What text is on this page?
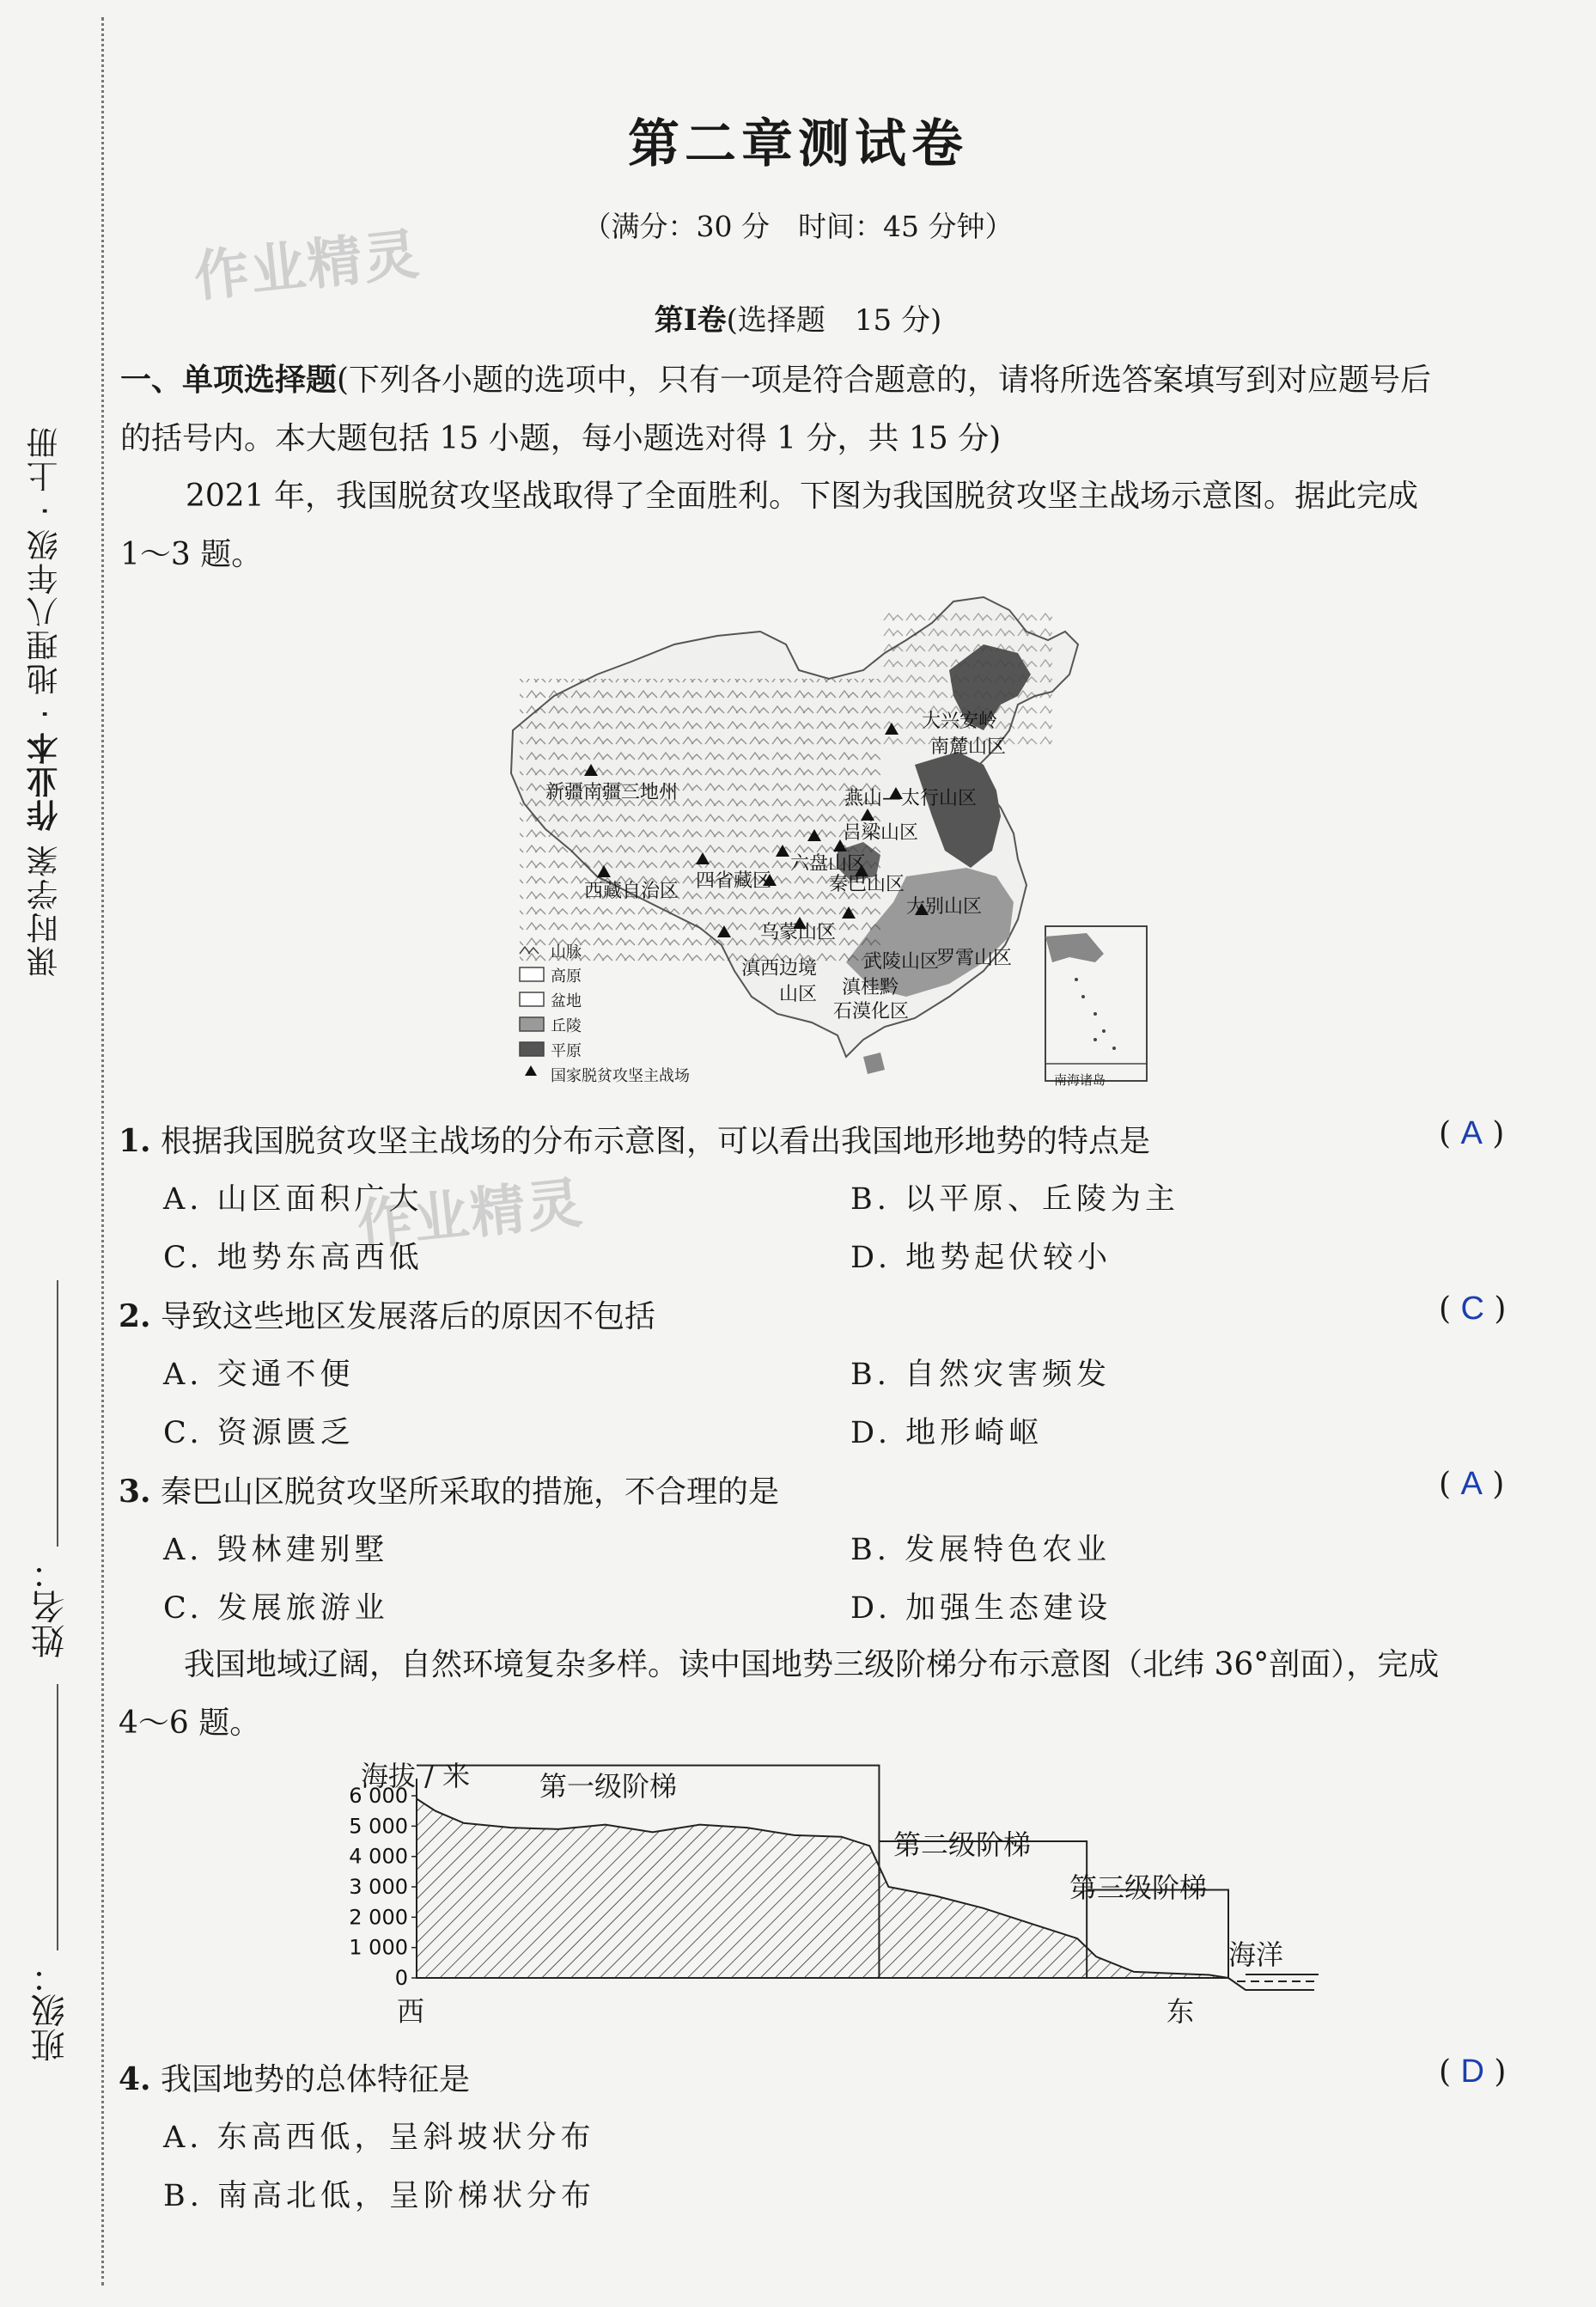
课时学案 作业本 · 地理八年级 · 上册
姓名：
班级：
作业精灵
作业精灵
第二章测试卷
（满分：30 分　时间：45 分钟）
第Ⅰ卷(选择题　15 分)
一、单项选择题(下列各小题的选项中，只有一项是符合题意的，请将所选答案填写到对应题号后
的括号内。本大题包括 15 小题，每小题选对得 1 分，共 15 分)
2021 年，我国脱贫攻坚战取得了全面胜利。下图为我国脱贫攻坚主战场示意图。据此完成
1～3 题。
大兴安岭
南麓山区
燕山—太行山区
吕梁山区
新疆南疆三地州
六盘山区
西藏自治区 四省藏区	秦巴山区
大别山区
乌蒙山区
武陵山区
罗霄山区
滇西边境
山区 滇桂黔
石漠化区
南海诸岛
山脉
高原
盆地
丘陵
平原
国家脱贫攻坚主战场
1. 根据我国脱贫攻坚主战场的分布示意图，可以看出我国地形地势的特点是	( A )
A. 山区面积广大	B. 以平原、丘陵为主
C. 地势东高西低	D. 地势起伏较小
2. 导致这些地区发展落后的原因不包括	( C )
A. 交通不便	B. 自然灾害频发
C. 资源匮乏	D. 地形崎岖
3. 秦巴山区脱贫攻坚所采取的措施，不合理的是	( A )
A. 毁林建别墅	B. 发展特色农业
C. 发展旅游业	D. 加强生态建设
我国地域辽阔，自然环境复杂多样。读中国地势三级阶梯分布示意图（北纬 36°剖面），完成
4～6 题。
6 000
5 000
4 000
3 000
2 000
1 000
0
海拔 / 米	第一级阶梯
第二级阶梯
第三级阶梯
海洋
西	东
4. 我国地势的总体特征是	( D )
A. 东高西低，呈斜坡状分布
B. 南高北低，呈阶梯状分布
